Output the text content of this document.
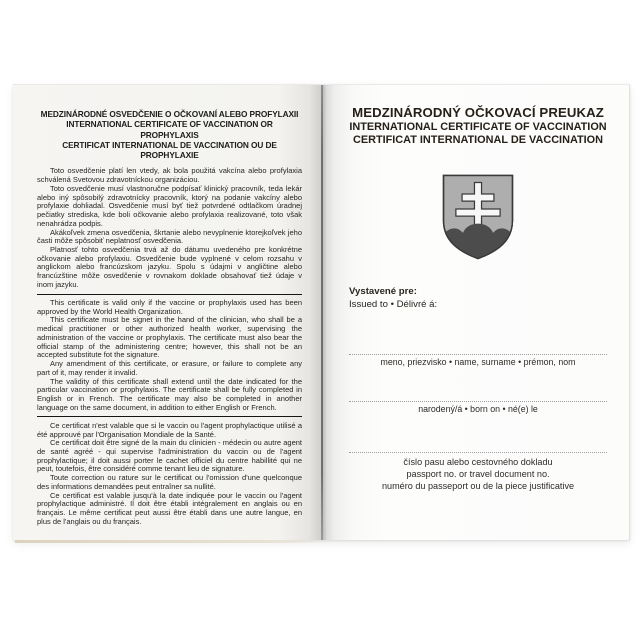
MEDZINÁRODNÉ OSVEDČENIE O OČKOVANÍ ALEBO PROFYLAXII
INTERNATIONAL CERTIFICATE OF VACCINATION OR PROPHYLAXIS
CERTIFICAT INTERNATIONAL DE VACCINATION OU DE PROPHYLAXIE

Toto osvedčenie platí len vtedy, ak bola použitá vakcína alebo profylaxia schválená Svetovou zdravotníckou organizáciou.

Toto osvedčenie musí vlastnoručne podpísať klinický pracovník, teda lekár alebo iný spôsobilý zdravotnícky pracovník, ktorý na podanie vakcíny alebo profylaxie dohliadal. Osvedčenie musí byť tiež potvrdené odtlačkom úradnej pečiatky strediska, kde boli očkovanie alebo profylaxia realizované, toto však nenahrádza podpis.

Akákoľvek zmena osvedčenia, škrtanie alebo nevyplnenie ktorejkoľvek jeho časti môže spôsobiť neplatnosť osvedčenia.

Platnosť tohto osvedčenia trvá až do dátumu uvedeného pre konkrétne očkovanie alebo profylaxiu. Osvedčenie bude vyplnené v celom rozsahu v anglickom alebo francúzskom jazyku. Spolu s údajmi v angličtine alebo francúzštine môže osvedčenie v rovnakom doklade obsahovať tiež údaje v inom jazyku.

This certificate is valid only if the vaccine or prophylaxis used has been approved by the World Health Organization.

This certificate must be signet in the hand of the clinician, who shall be a medical practitioner or other authorized health worker, supervising the administration of the vaccine or prophylaxis. The certificate must also bear the official stamp of the administering centre; however, this shall not be an accepted substitute fot the signature.

Any amendment of this certificate, or erasure, or failure to complete any part of it, may render it invalid.

The validity of this certificate shall extend until the date indicated for the particular vaccination or prophylaxis. The certificate shall be fully completed in English or in French. The certificate may also be completed in another language on the same document, in addition to either English or French.

Ce certificat n'est valable que si le vaccin ou l'agent prophylactique utilisé a été approuvé par l'Organisation Mondiale de la Santé.

Ce certificat doit être signé de la main du clinicien - médecin ou autre agent de santé agréé - qui supervise l'administration du vaccin ou de l'agent prophylactique; il doit aussi porter le cachet officiel du centre habillité qui ne peut, toutefois, être considéré comme tenant lieu de signature.

Toute correction ou rature sur le certificat ou l'omission d'une quelconque des informations demandées peut entraîner sa nullité.

Ce certificat est valable jusqu'à la date indiquée pour le vaccin ou l'agent prophylactique administré. Il doit être établi intégralement en anglais ou en français. Le même certificat peut aussi être établi dans une autre langue, en plus de l'anglais ou du français.

MEDZINÁRODNÝ OČKOVACÍ PREUKAZ
INTERNATIONAL CERTIFICATE OF VACCINATION
CERTIFICAT INTERNATIONAL DE VACCINATION
Vystavené pre:
Issued to • Délivré á:
meno, priezvisko • name, surname • prémon, nom
narodený/á • born on • né(e) le
číslo pasu alebo cestovného dokladu
passport no. or travel document no.
numéro du passeport ou de la piece justificative
